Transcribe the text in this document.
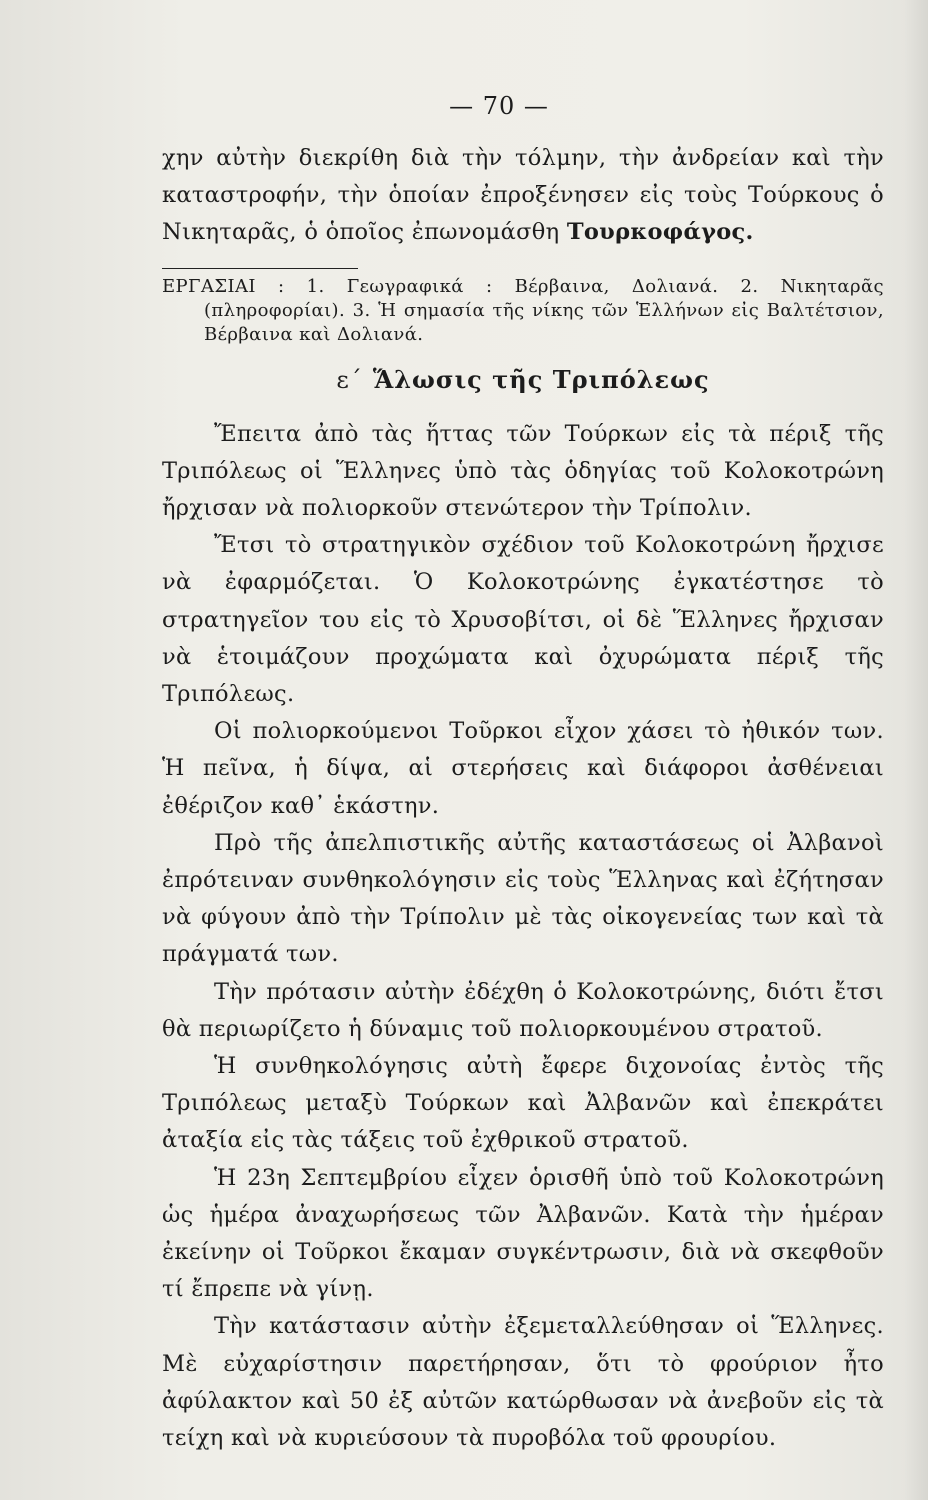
— 70 —

χην αὐτὴν διεκρίθη διὰ τὴν τόλμην, τὴν ἀνδρείαν καὶ τὴν καταστροφήν, τὴν ὁποίαν ἐπροξένησεν εἰς τοὺς Τούρκους ὁ Νικηταρᾶς, ὁ ὁποῖος ἐπωνομάσθη Τουρκοφάγος.

ΕΡΓΑΣΙΑΙ : 1. Γεωγραφικά : Βέρβαινα, Δολιανά. 2. Νικηταρᾶς (πληροφορίαι). 3. Ἡ σημασία τῆς νίκης τῶν Ἑλλήνων εἰς Βαλτέτσιον, Βέρβαινα καὶ Δολιανά.

ε΄ Ἅλωσις τῆς Τριπόλεως

Ἔπειτα ἀπὸ τὰς ἥττας τῶν Τούρκων εἰς τὰ πέριξ τῆς Τριπόλεως οἱ Ἕλληνες ὑπὸ τὰς ὁδηγίας τοῦ Κολοκοτρώνη ἤρχισαν νὰ πολιορκοῦν στενώτερον τὴν Τρίπολιν.

Ἔτσι τὸ στρατηγικὸν σχέδιον τοῦ Κολοκοτρώνη ἤρχισε νὰ ἐφαρμόζεται. Ὁ Κολοκοτρώνης ἐγκατέστησε τὸ στρατηγεῖον του εἰς τὸ Χρυσοβίτσι, οἱ δὲ Ἕλληνες ἤρχισαν νὰ ἑτοιμάζουν προχώματα καὶ ὀχυρώματα πέριξ τῆς Τριπόλεως.

Οἱ πολιορκούμενοι Τοῦρκοι εἶχον χάσει τὸ ἠθικόν των. Ἡ πεῖνα, ἡ δίψα, αἱ στερήσεις καὶ διάφοροι ἀσθένειαι ἐθέριζον καθ᾽ ἑκάστην.

Πρὸ τῆς ἀπελπιστικῆς αὐτῆς καταστάσεως οἱ Ἀλβανοὶ ἐπρότειναν συνθηκολόγησιν εἰς τοὺς Ἕλληνας καὶ ἐζήτησαν νὰ φύγουν ἀπὸ τὴν Τρίπολιν μὲ τὰς οἰκογενείας των καὶ τὰ πράγματά των.

Τὴν πρότασιν αὐτὴν ἐδέχθη ὁ Κολοκοτρώνης, διότι ἔτσι θὰ περιωρίζετο ἡ δύναμις τοῦ πολιορκουμένου στρατοῦ.

Ἡ συνθηκολόγησις αὐτὴ ἔφερε διχονοίας ἐντὸς τῆς Τριπόλεως μεταξὺ Τούρκων καὶ Ἀλβανῶν καὶ ἐπεκράτει ἀταξία εἰς τὰς τάξεις τοῦ ἐχθρικοῦ στρατοῦ.

Ἡ 23η Σεπτεμβρίου εἶχεν ὁρισθῆ ὑπὸ τοῦ Κολοκοτρώνη ὡς ἡμέρα ἀναχωρήσεως τῶν Ἀλβανῶν. Κατὰ τὴν ἡμέραν ἐκείνην οἱ Τοῦρκοι ἔκαμαν συγκέντρωσιν, διὰ νὰ σκεφθοῦν τί ἔπρεπε νὰ γίνῃ.

Τὴν κατάστασιν αὐτὴν ἐξεμεταλλεύθησαν οἱ Ἕλληνες. Μὲ εὐχαρίστησιν παρετήρησαν, ὅτι τὸ φρούριον ἦτο ἀφύλακτον καὶ 50 ἐξ αὐτῶν κατώρθωσαν νὰ ἀνεβοῦν εἰς τὰ τείχη καὶ νὰ κυριεύσουν τὰ πυροβόλα τοῦ φρουρίου.
